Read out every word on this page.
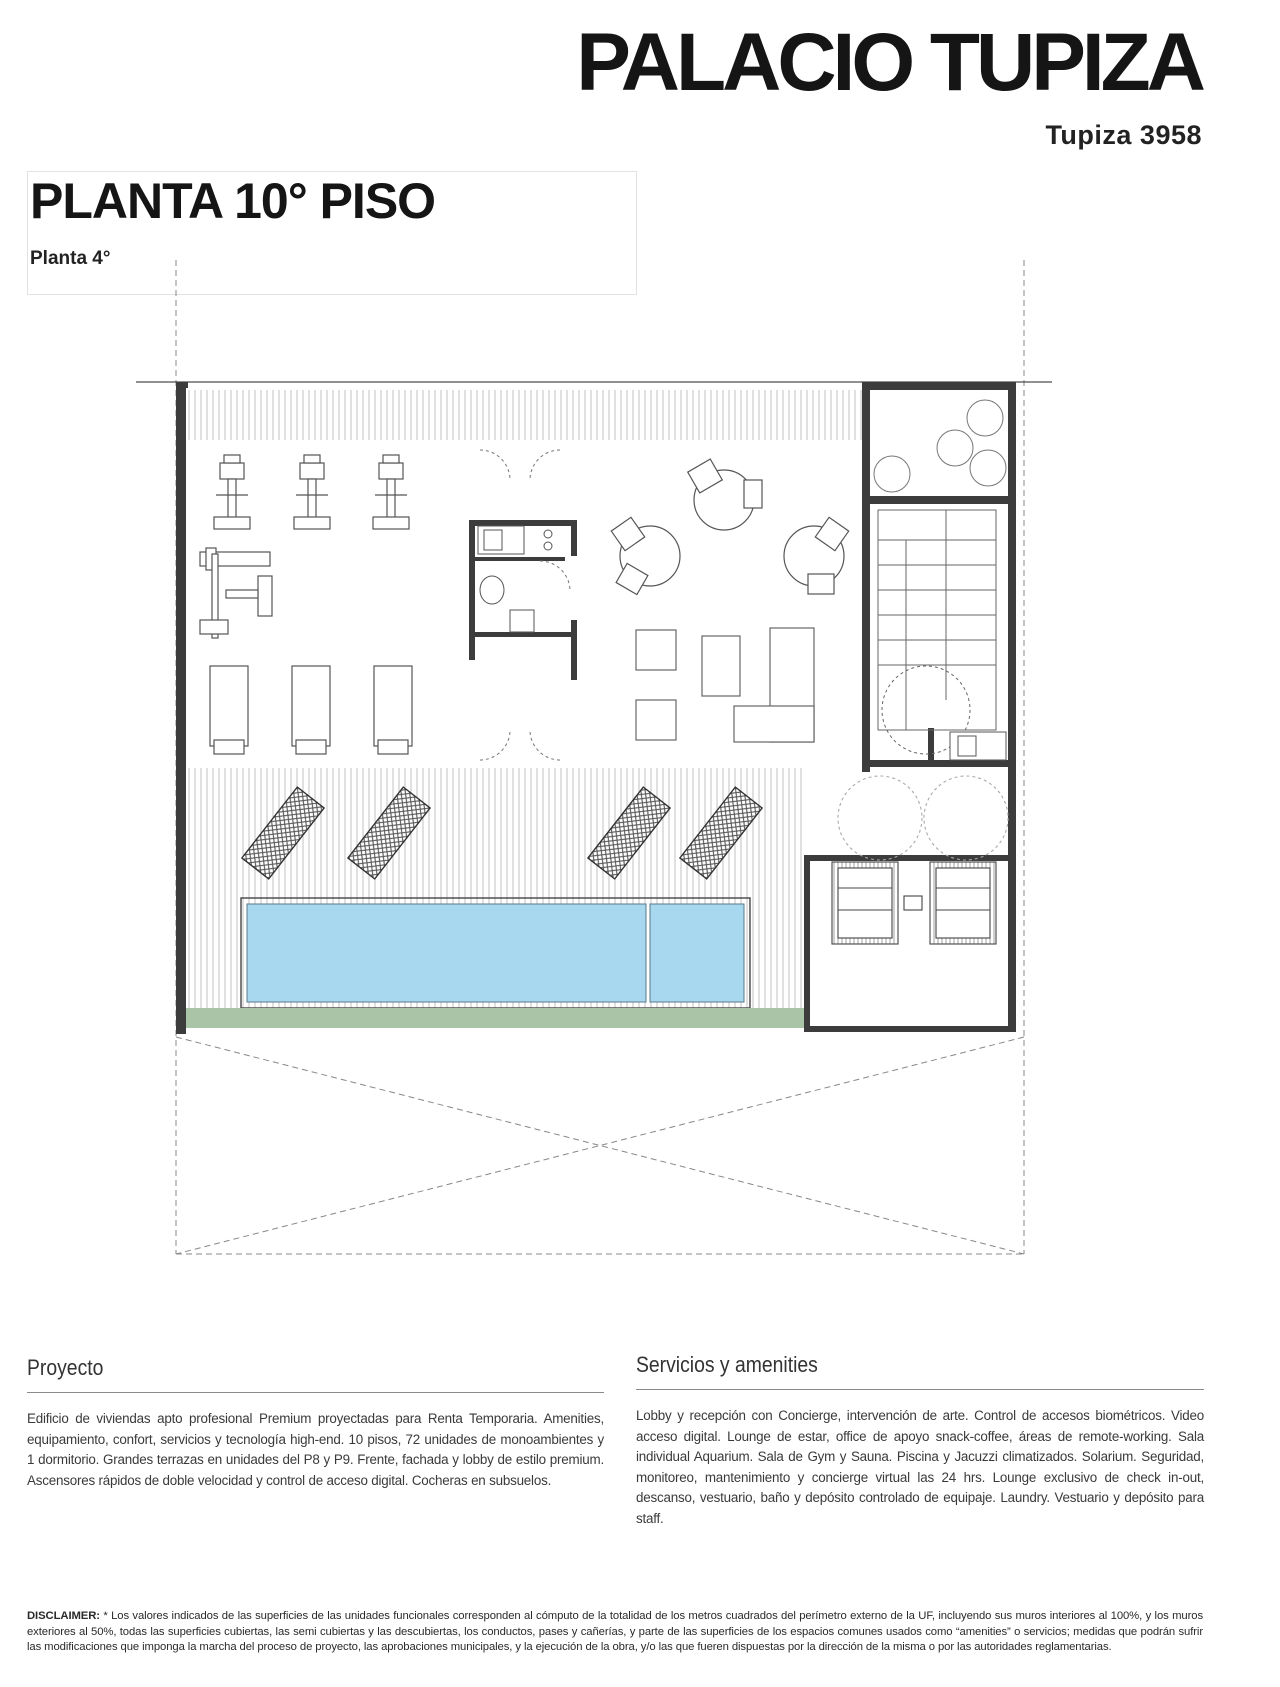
PALACIO TUPIZA
Tupiza 3958
PLANTA 10° PISO
Planta 4°
Proyecto

Edificio de viviendas apto profesional Premium proyectadas para Renta Temporaria. Amenities, equipamiento, confort, servicios y tecnología high-end. 10 pisos, 72 unidades de monoambientes y 1 dormitorio. Grandes terrazas en unidades del P8 y P9. Frente, fachada y lobby de estilo premium. Ascensores rápidos de doble velocidad y control de acceso digital. Cocheras en subsuelos.

Servicios y amenities

Lobby y recepción con Concierge, intervención de arte. Control de accesos biométricos. Video acceso digital. Lounge de estar, office de apoyo snack-coffee, áreas de remote-working. Sala individual Aquarium. Sala de Gym y Sauna. Piscina y Jacuzzi climatizados. Solarium. Seguridad, monitoreo, mantenimiento y concierge virtual las 24 hrs. Lounge exclusivo de check in-out, descanso, vestuario, baño y depósito controlado de equipaje. Laundry. Vestuario y depósito para staff.

DISCLAIMER: * Los valores indicados de las superficies de las unidades funcionales corresponden al cómputo de la totalidad de los metros cuadrados del perímetro externo de la UF, incluyendo sus muros interiores al 100%, y los muros exteriores al 50%, todas las superficies cubiertas, las semi cubiertas y las descubiertas, los conductos, pases y cañerías, y parte de las superficies de los espacios comunes usados como “amenities” o servicios; medidas que podrán sufrir las modificaciones que imponga la marcha del proceso de proyecto, las aprobaciones municipales, y la ejecución de la obra, y/o las que fueren dispuestas por la dirección de la misma o por las autoridades reglamentarias.
